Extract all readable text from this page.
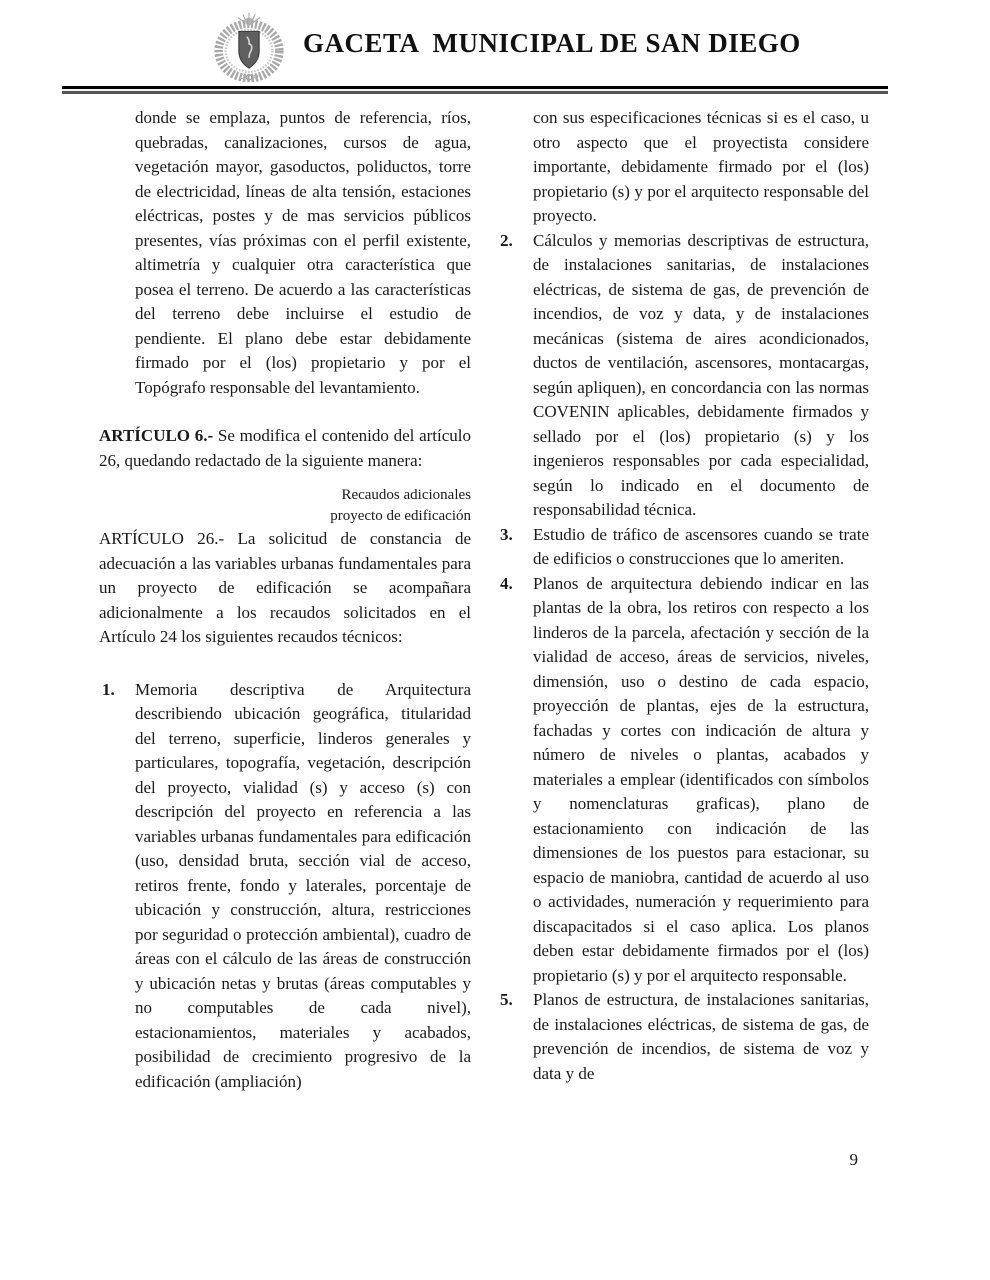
GACETA  MUNICIPAL DE SAN DIEGO

donde se emplaza, puntos de referencia, ríos, quebradas, canalizaciones, cursos de agua, vegetación mayor, gasoductos, poliductos, torre de electricidad, líneas de alta tensión, estaciones eléctricas, postes y de mas servicios públicos presentes, vías próximas con el perfil existente, altimetría y cualquier otra característica que posea el terreno. De acuerdo a las características del terreno debe incluirse el estudio de pendiente. El plano debe estar debidamente firmado por el (los) propietario y por el Topógrafo responsable del levantamiento.

ARTÍCULO 6.- Se modifica el contenido del artículo 26, quedando redactado de la siguiente manera:

Recaudos adicionales
proyecto de edificación

ARTÍCULO 26.- La solicitud de constancia de adecuación a las variables urbanas fundamentales para un proyecto de edificación se acompañara adicionalmente a los recaudos solicitados en el Artículo 24 los siguientes recaudos técnicos:

1. Memoria descriptiva de Arquitectura describiendo ubicación geográfica, titularidad del terreno, superficie, linderos generales y particulares, topografía, vegetación, descripción del proyecto, vialidad (s) y acceso (s) con descripción del proyecto en referencia a las variables urbanas fundamentales para edificación (uso, densidad bruta, sección vial de acceso, retiros frente, fondo y laterales, porcentaje de ubicación y construcción, altura, restricciones por seguridad o protección ambiental), cuadro de áreas con el cálculo de las áreas de construcción y ubicación netas y brutas (áreas computables y no computables de cada nivel), estacionamientos, materiales y acabados, posibilidad de crecimiento progresivo de la edificación (ampliación)

con sus especificaciones técnicas si es el caso, u otro aspecto que el proyectista considere importante, debidamente firmado por el (los) propietario (s) y por el arquitecto responsable del proyecto.

2. Cálculos y memorias descriptivas de estructura, de instalaciones sanitarias, de instalaciones eléctricas, de sistema de gas, de prevención de incendios, de voz y data, y de instalaciones mecánicas (sistema de aires acondicionados, ductos de ventilación, ascensores, montacargas, según apliquen), en concordancia con las normas COVENIN aplicables, debidamente firmados y sellado por el (los) propietario (s) y los ingenieros responsables por cada especialidad, según lo indicado en el documento de responsabilidad técnica.
3. Estudio de tráfico de ascensores cuando se trate de edificios o construcciones que lo ameriten.
4. Planos de arquitectura debiendo indicar en las plantas de la obra, los retiros con respecto a los linderos de la parcela, afectación y sección de la vialidad de acceso, áreas de servicios, niveles, dimensión, uso o destino de cada espacio, proyección de plantas, ejes de la estructura, fachadas y cortes con indicación de altura y número de niveles o plantas, acabados y materiales a emplear (identificados con símbolos y nomenclaturas graficas), plano de estacionamiento con indicación de las dimensiones de los puestos para estacionar, su espacio de maniobra, cantidad de acuerdo al uso o actividades, numeración y requerimiento para discapacitados si el caso aplica. Los planos deben estar debidamente firmados por el (los) propietario (s) y por el arquitecto responsable.
5. Planos de estructura, de instalaciones sanitarias, de instalaciones eléctricas, de sistema de gas, de prevención de incendios, de sistema de voz y data y de
9
